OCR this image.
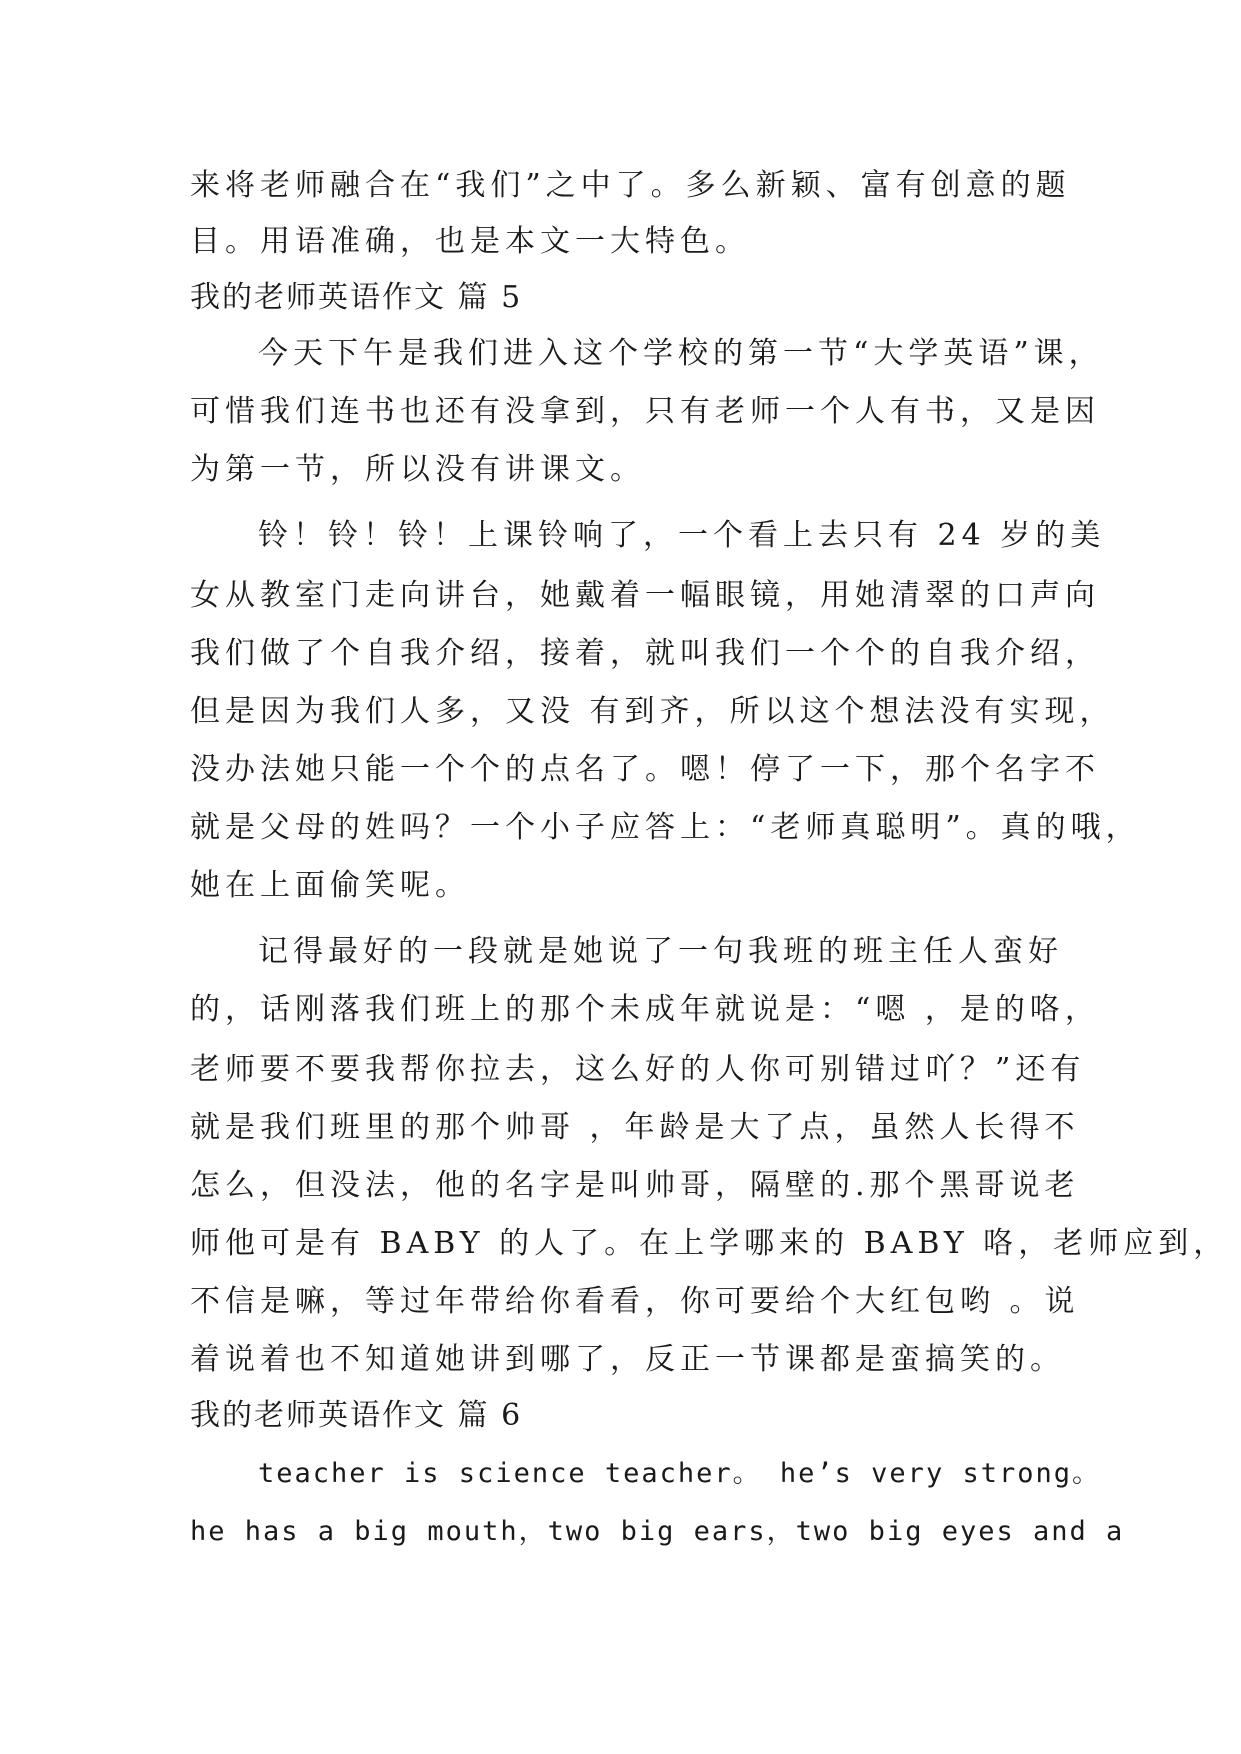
来将老师融合在“我们”之中了。多么新颖、富有创意的题
目。用语准确，也是本文一大特色。
我的老师英语作文 篇 5
今天下午是我们进入这个学校的第一节“大学英语”课，
可惜我们连书也还有没拿到，只有老师一个人有书，又是因
为第一节，所以没有讲课文。
铃！铃！铃！上课铃响了，一个看上去只有 24 岁的美
女从教室门走向讲台，她戴着一幅眼镜，用她清翠的口声向
我们做了个自我介绍，接着，就叫我们一个个的自我介绍，
但是因为我们人多，又没 有到齐，所以这个想法没有实现，
没办法她只能一个个的点名了。嗯！停了一下，那个名字不
就是父母的姓吗？一个小子应答上：“老师真聪明”。真的哦，
她在上面偷笑呢。
记得最好的一段就是她说了一句我班的班主任人蛮好
的，话刚落我们班上的那个未成年就说是：“嗯 ，是的咯，
老师要不要我帮你拉去，这么好的人你可别错过吖？”还有
就是我们班里的那个帅哥 ，年龄是大了点，虽然人长得不
怎么，但没法，他的名字是叫帅哥，隔壁的.那个黑哥说老
师他可是有 BABY 的人了。在上学哪来的 BABY 咯，老师应到，
不信是嘛，等过年带给你看看，你可要给个大红包哟 。说
着说着也不知道她讲到哪了，反正一节课都是蛮搞笑的。
我的老师英语作文 篇 6
teacher is science teacher。 he’s very strong。
he has a big mouth，two big ears，two big eyes and a
